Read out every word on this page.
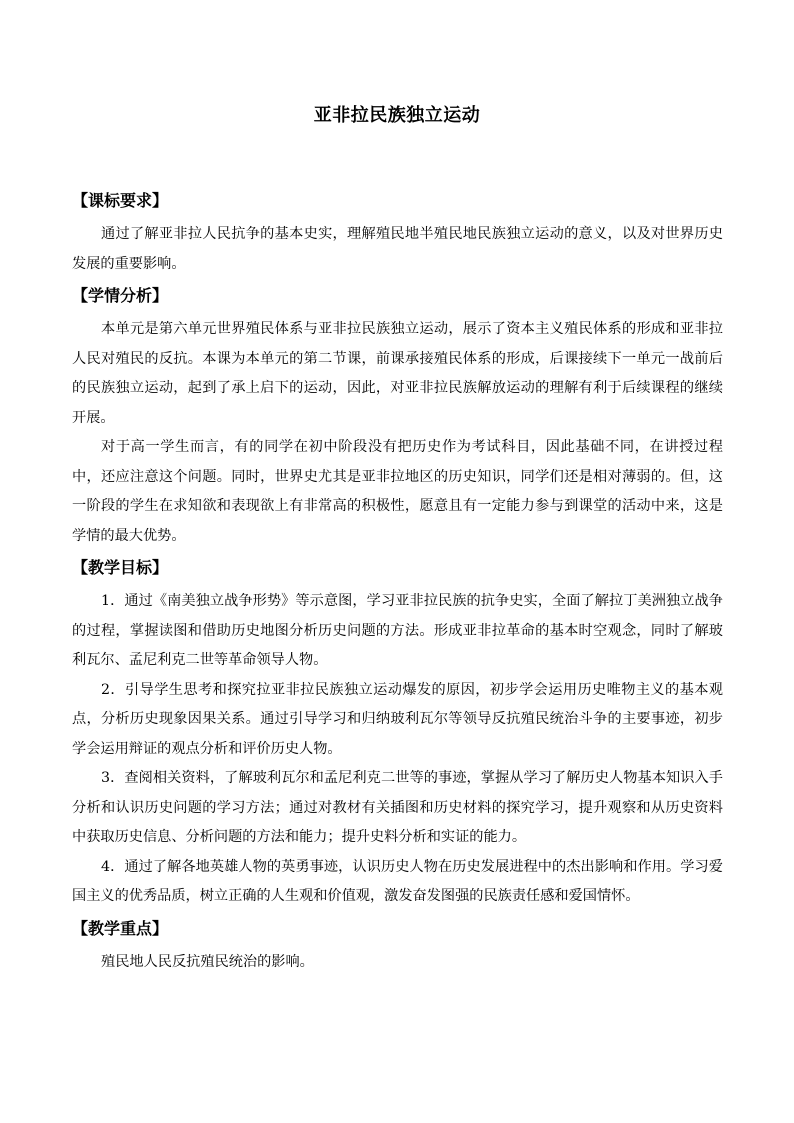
亚非拉民族独立运动
【课标要求】

通过了解亚非拉人民抗争的基本史实，理解殖民地半殖民地民族独立运动的意义，以及对世界历史发展的重要影响。

【学情分析】

本单元是第六单元世界殖民体系与亚非拉民族独立运动，展示了资本主义殖民体系的形成和亚非拉人民对殖民的反抗。本课为本单元的第二节课，前课承接殖民体系的形成，后课接续下一单元一战前后的民族独立运动，起到了承上启下的运动，因此，对亚非拉民族解放运动的理解有利于后续课程的继续开展。

对于高一学生而言，有的同学在初中阶段没有把历史作为考试科目，因此基础不同，在讲授过程中，还应注意这个问题。同时，世界史尤其是亚非拉地区的历史知识，同学们还是相对薄弱的。但，这一阶段的学生在求知欲和表现欲上有非常高的积极性，愿意且有一定能力参与到课堂的活动中来，这是学情的最大优势。

【教学目标】

1．通过《南美独立战争形势》等示意图，学习亚非拉民族的抗争史实，全面了解拉丁美洲独立战争的过程，掌握读图和借助历史地图分析历史问题的方法。形成亚非拉革命的基本时空观念，同时了解玻利瓦尔、孟尼利克二世等革命领导人物。

2．引导学生思考和探究拉亚非拉民族独立运动爆发的原因，初步学会运用历史唯物主义的基本观点，分析历史现象因果关系。通过引导学习和归纳玻利瓦尔等领导反抗殖民统治斗争的主要事迹，初步学会运用辩证的观点分析和评价历史人物。

3．查阅相关资料，了解玻利瓦尔和孟尼利克二世等的事迹，掌握从学习了解历史人物基本知识入手分析和认识历史问题的学习方法；通过对教材有关插图和历史材料的探究学习，提升观察和从历史资料中获取历史信息、分析问题的方法和能力；提升史料分析和实证的能力。

4．通过了解各地英雄人物的英勇事迹，认识历史人物在历史发展进程中的杰出影响和作用。学习爱国主义的优秀品质，树立正确的人生观和价值观，激发奋发图强的民族责任感和爱国情怀。

【教学重点】

殖民地人民反抗殖民统治的影响。
